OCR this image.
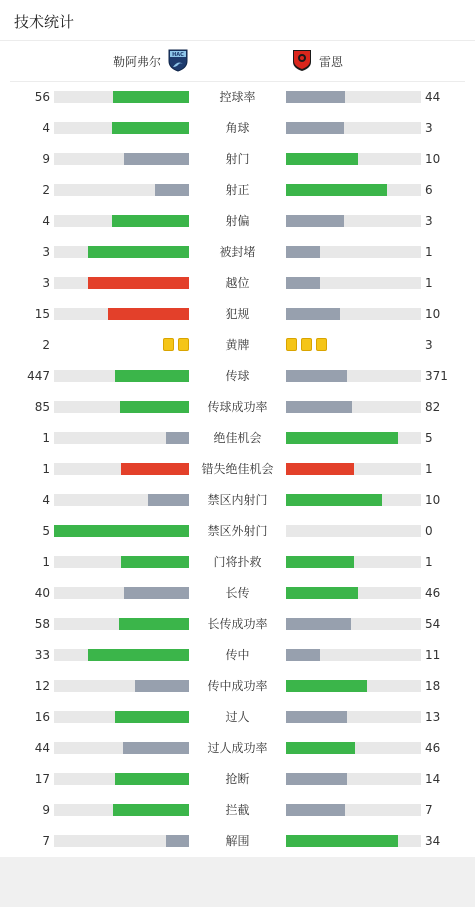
技术统计
勒阿弗尔 HAC	雷恩
56	控球率	44
4	角球	3
9	射门	10
2	射正	6
4	射偏	3
3	被封堵	1
3	越位	1
15	犯规	10
2	黄牌	3
447	传球	371
85	传球成功率	82
1	绝佳机会	5
1	错失绝佳机会	1
4	禁区内射门	10
5	禁区外射门	0
1	门将扑救	1
40	长传	46
58	长传成功率	54
33	传中	11
12	传中成功率	18
16	过人	13
44	过人成功率	46
17	抢断	14
9	拦截	7
7	解围	34
